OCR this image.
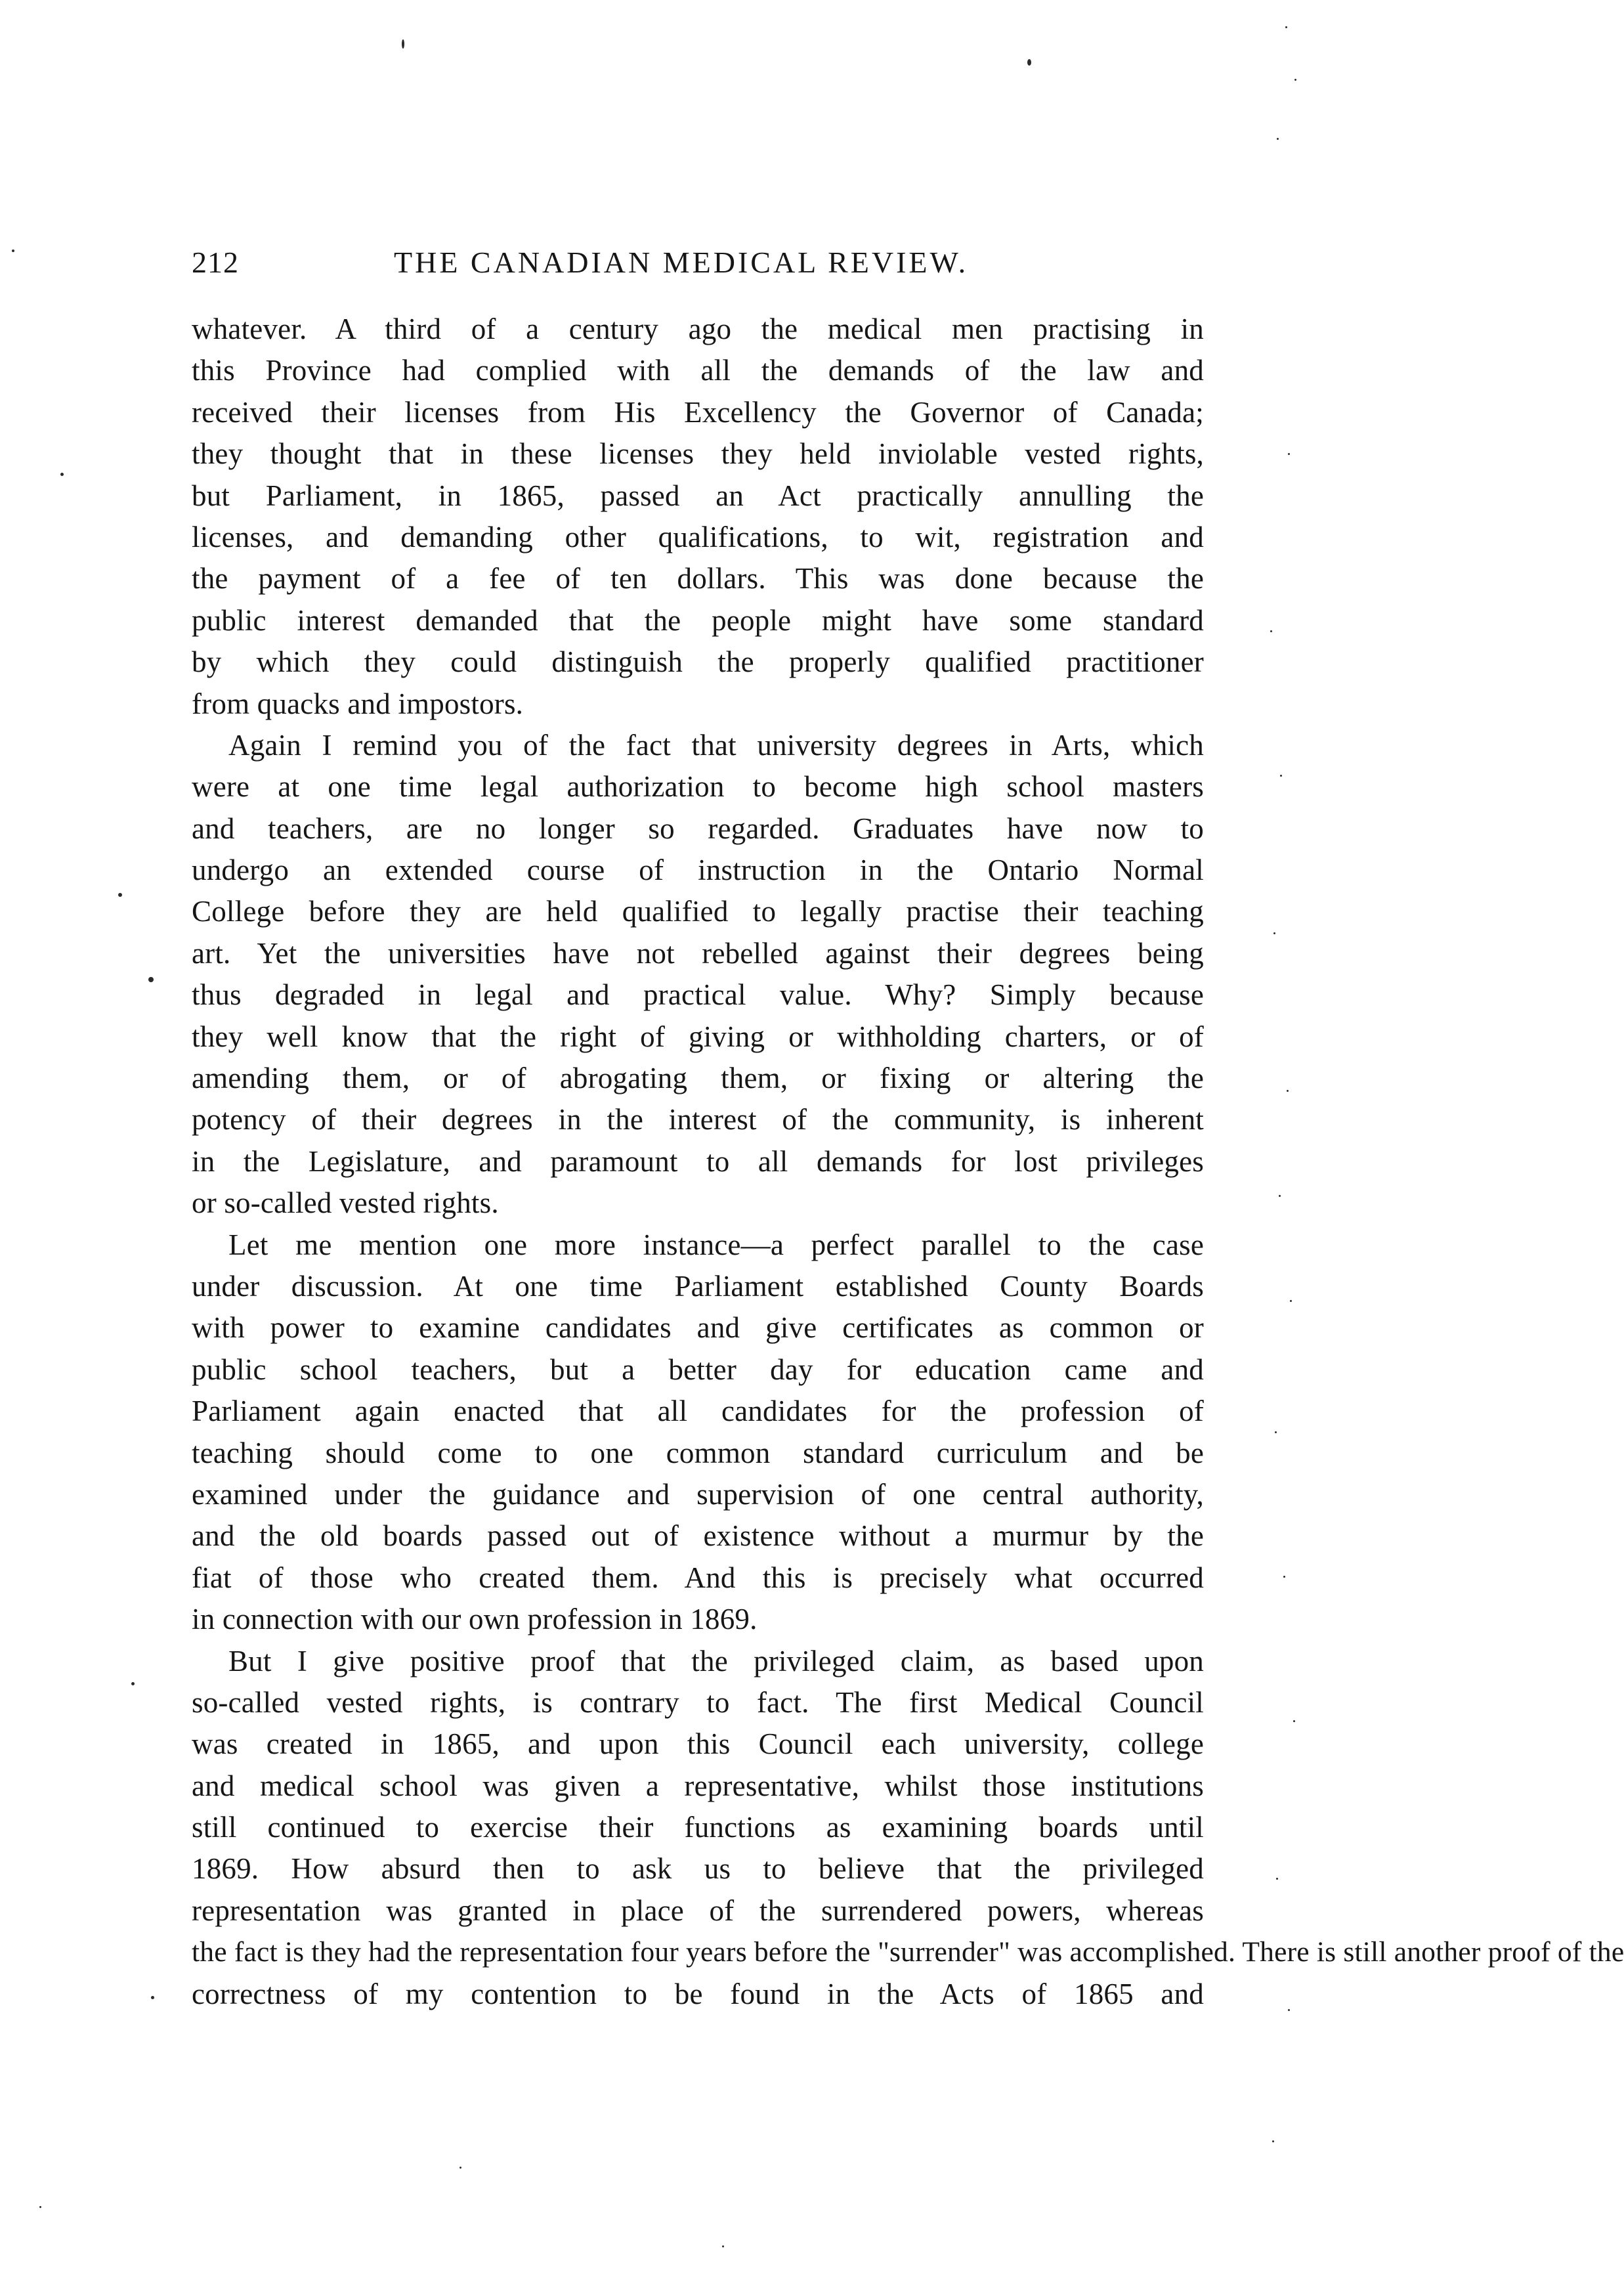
212	THE CANADIAN MEDICAL REVIEW.
whatever. A third of a century ago the medical men practising in
this Province had complied with all the demands of the law and
received their licenses from His Excellency the Governor of Canada;
they thought that in these licenses they held inviolable vested rights,
but Parliament, in 1865, passed an Act practically annulling the
licenses, and demanding other qualifications, to wit, registration and
the payment of a fee of ten dollars. This was done because the
public interest demanded that the people might have some standard
by which they could distinguish the properly qualified practitioner
from quacks and impostors.
Again I remind you of the fact that university degrees in Arts, which
were at one time legal authorization to become high school masters
and teachers, are no longer so regarded. Graduates have now to
undergo an extended course of instruction in the Ontario Normal
College before they are held qualified to legally practise their teaching
art. Yet the universities have not rebelled against their degrees being
thus degraded in legal and practical value. Why? Simply because
they well know that the right of giving or withholding charters, or of
amending them, or of abrogating them, or fixing or altering the
potency of their degrees in the interest of the community, is inherent
in the Legislature, and paramount to all demands for lost privileges
or so-called vested rights.
Let me mention one more instance—a perfect parallel to the case
under discussion. At one time Parliament established County Boards
with power to examine candidates and give certificates as common or
public school teachers, but a better day for education came and
Parliament again enacted that all candidates for the profession of
teaching should come to one common standard curriculum and be
examined under the guidance and supervision of one central authority,
and the old boards passed out of existence without a murmur by the
fiat of those who created them. And this is precisely what occurred
in connection with our own profession in 1869.
But I give positive proof that the privileged claim, as based upon
so-called vested rights, is contrary to fact. The first Medical Council
was created in 1865, and upon this Council each university, college
and medical school was given a representative, whilst those institutions
still continued to exercise their functions as examining boards until
1869. How absurd then to ask us to believe that the privileged
representation was granted in place of the surrendered powers, whereas
the fact is they had the representation four years before the "surrender" was accomplished. There is still another proof of the
correctness of my contention to be found in the Acts of 1865 and
